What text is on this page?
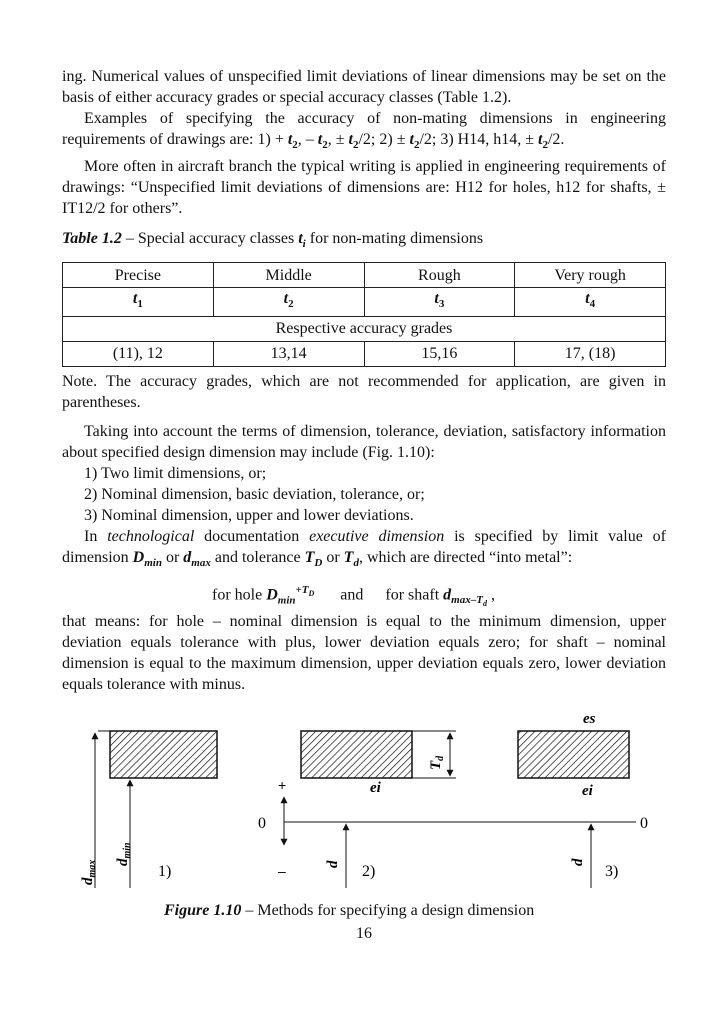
ing. Numerical values of unspecified limit deviations of linear dimensions may be set on the basis of either accuracy grades or special accuracy classes (Table 1.2).

Examples of specifying the accuracy of non-mating dimensions in engineering requirements of drawings are: $1) + t_2$, – $t_2$, ± $t_2/2$; $2) \pm t_2/2$; 3) H14, h14, ± $t_2/2$.

More often in aircraft branch the typical writing is applied in engineering requirements of drawings: “Unspecified limit deviations of dimensions are: H12 for holes, h12 for shafts, ± IT12/2 for others”.

Table 1.2 – Special accuracy classes $t_i$ for non-mating dimensions

Precise	Middle	Rough	Very rough
$t_1$	$t_2$	$t_3$	$t_4$
Respective accuracy grades			
(11), 12	13,14	15,16	17, (18)

Note. The accuracy grades, which are not recommended for application, are given in parentheses.

Taking into account the terms of dimension, tolerance, deviation, satisfactory information about specified design dimension may include (Fig. 1.10):

1) Two limit dimensions, or;

2) Nominal dimension, basic deviation, tolerance, or;

3) Nominal dimension, upper and lower deviations.

In technological documentation executive dimension is specified by limit value of dimension $D_{min}$ or $d_{max}$ and tolerance $T_D$ or $T_d$, which are directed “into metal”:

for hole $D_{min}^{+T_D}$ and for shaft $d_{max-T_d}$ ,

that means: for hole – nominal dimension is equal to the minimum dimension, upper deviation equals tolerance with plus, lower deviation equals zero; for shaft – nominal dimension is equal to the maximum dimension, upper deviation equals zero, lower deviation equals tolerance with minus.

$d_{max}$ $d_{min}$
1)
0	0
+
–
$T_d$
ei
d 2)
es
ei
d
3)
Figure 1.10 – Methods for specifying a design dimension
16
